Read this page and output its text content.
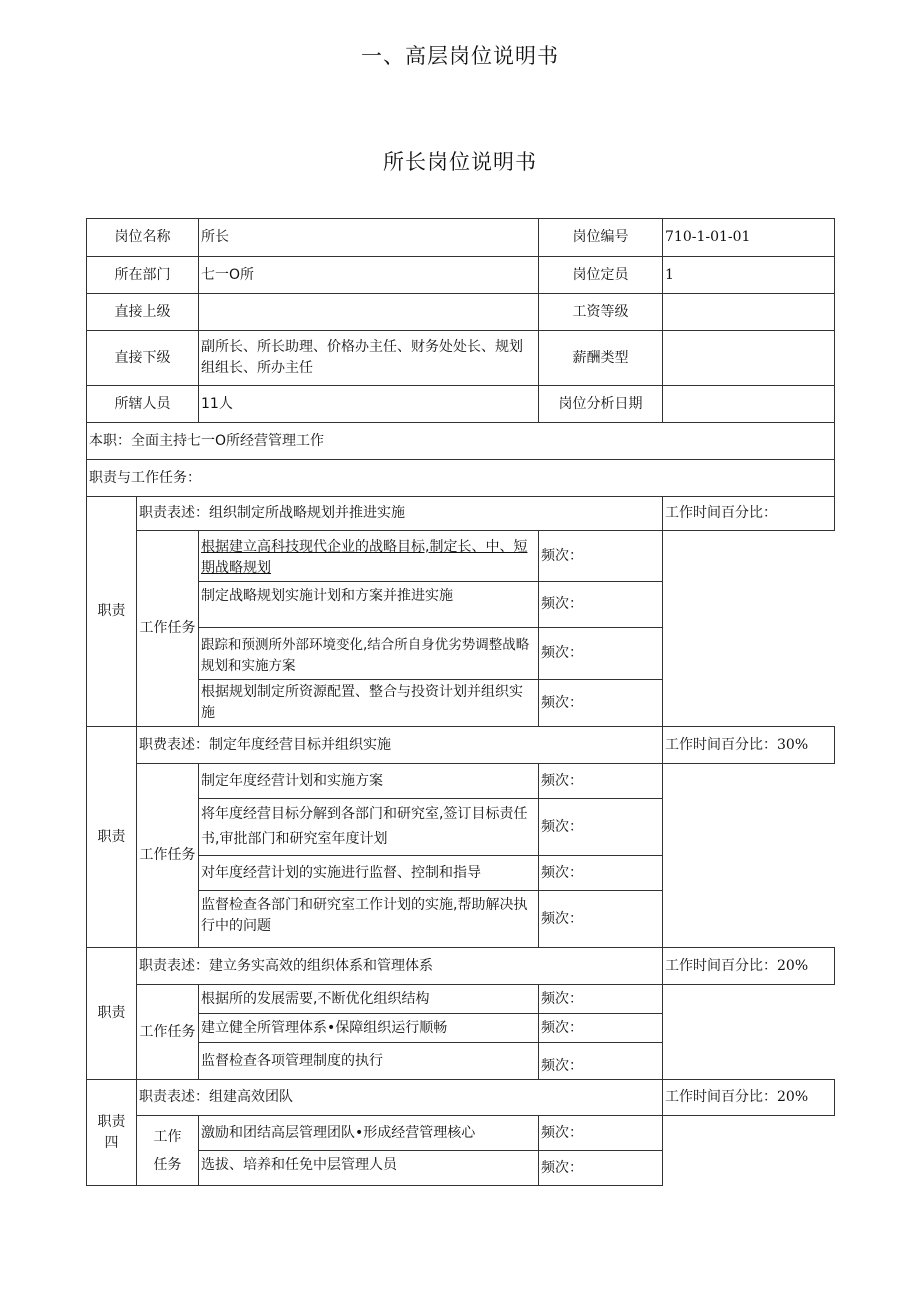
一、高层岗位说明书
所长岗位说明书
岗位名称		所长	岗位编号	710-1-01-01
所在部门		七一O所	岗位定员	1
直接上级			工资等级	
直接下级		副所长、所长助理、价格办主任、财务处处长、规划组组长、所办主任	薪酬类型	
所辖人员		11人	岗位分析日期	
本职：全面主持七一O所经营管理工作				
职责与工作任务：				
职责	职责表述：组织制定所战略规划并推进实施			工作时间百分比：
	工作任务	根据建立高科技现代企业的战略目标,制定长、中、短期战略规划	频次：	
		制定战略规划实施计划和方案并推进实施	频次：	
		跟踪和预测所外部环境变化,结合所自身优劣势调整战略规划和实施方案	频次：	
		根据规划制定所资源配置、整合与投资计划并组织实施	频次：	
职责	职费表述：制定年度经营目标并组织实施			工作时间百分比：30%
	工作任务	制定年度经营计划和实施方案	频次：	
		将年度经营目标分解到各部门和研究室,签订目标责任书,审批部门和研究室年度计划	频次：	
		对年度经营计划的实施进行监督、控制和指导	频次：	
		监督检查各部门和研究室工作计划的实施,帮助解决执行中的问题	频次：	
职责	职责表述：建立务实高效的组织体系和管理体系			工作时间百分比：20%
	工作任务	根据所的发展需要,不断优化组织结构	频次：	
		建立健全所管理体系•保障组织运行顺畅	频次：	
		监督检查各项管理制度的执行	频次：	
职责四	职责表述：组建高效团队			工作时间百分比：20%
	工作任务	激励和团结高层管理团队•形成经营管理核心	频次：	
		选拔、培养和任免中层管理人员	频次：	
